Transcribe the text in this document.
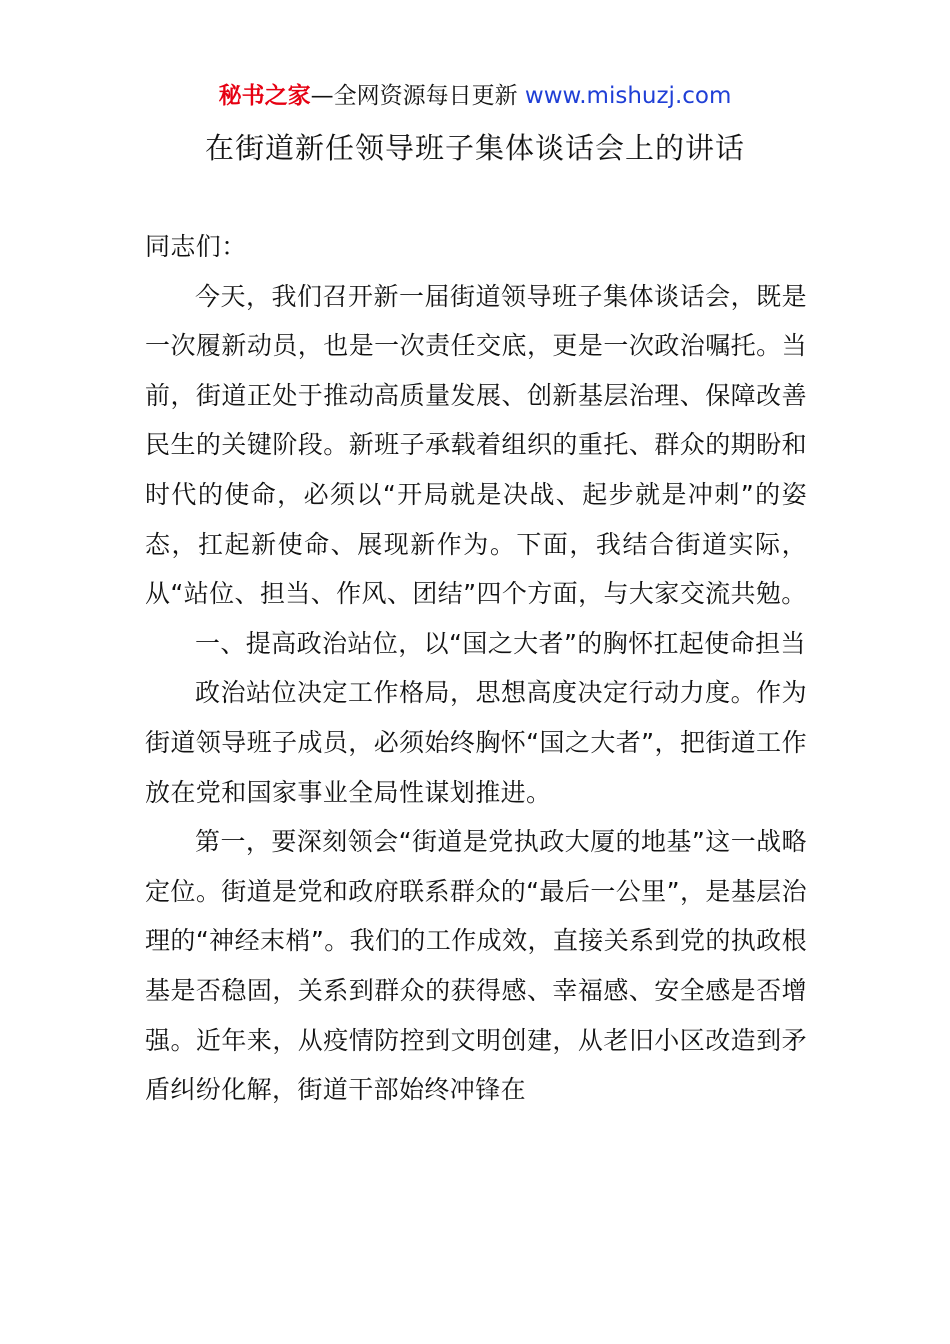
秘书之家—全网资源每日更新 www.mishuzj.com
在街道新任领导班子集体谈话会上的讲话

同志们：

今天，我们召开新一届街道领导班子集体谈话会，既是一次履新动员，也是一次责任交底，更是一次政治嘱托。当前，街道正处于推动高质量发展、创新基层治理、保障改善民生的关键阶段。新班子承载着组织的重托、群众的期盼和时代的使命，必须以“开局就是决战、起步就是冲刺”的姿态，扛起新使命、展现新作为。下面，我结合街道实际，从“站位、担当、作风、团结”四个方面，与大家交流共勉。

一、提高政治站位，以“国之大者”的胸怀扛起使命担当

政治站位决定工作格局，思想高度决定行动力度。作为街道领导班子成员，必须始终胸怀“国之大者”，把街道工作放在党和国家事业全局性谋划推进。

第一，要深刻领会“街道是党执政大厦的地基”这一战略定位。街道是党和政府联系群众的“最后一公里”，是基层治理的“神经末梢”。我们的工作成效，直接关系到党的执政根基是否稳固，关系到群众的获得感、幸福感、安全感是否增强。近年来，从疫情防控到文明创建，从老旧小区改造到矛盾纠纷化解，街道干部始终冲锋在
